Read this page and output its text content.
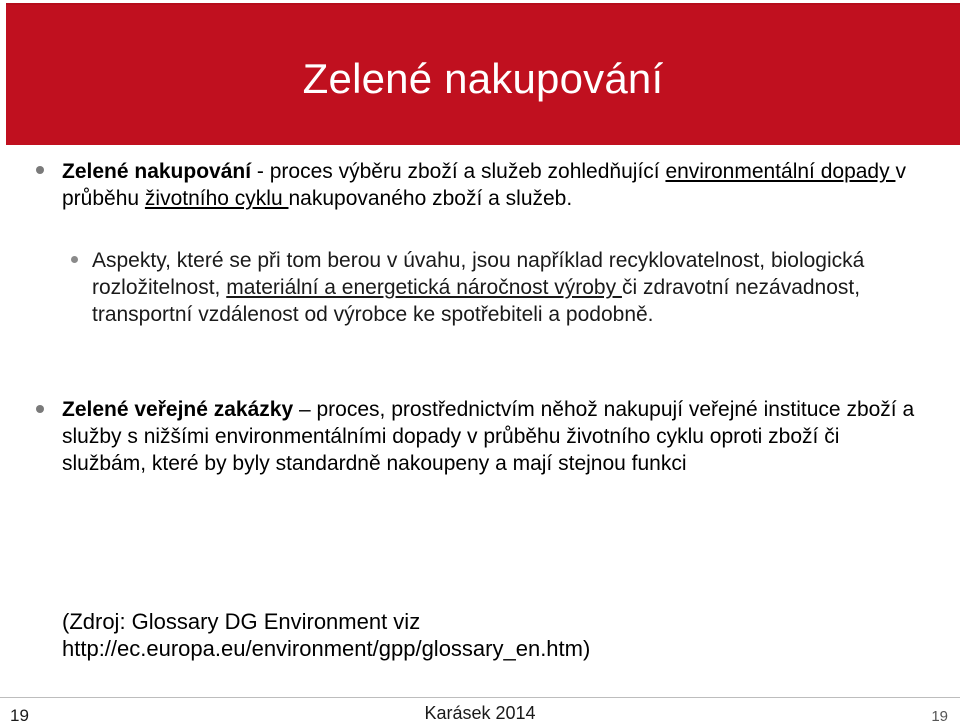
Zelené nakupování
Zelené nakupování - proces výběru zboží a služeb zohledňující environmentální dopady v průběhu životního cyklu nakupovaného zboží a služeb.
Aspekty, které se při tom berou v úvahu, jsou například recyklovatelnost, biologická rozložitelnost, materiální a energetická náročnost výroby či zdravotní nezávadnost, transportní vzdálenost od výrobce ke spotřebiteli a podobně.
Zelené veřejné zakázky – proces, prostřednictvím něhož nakupují veřejné instituce zboží a služby s nižšími environmentálními dopady v průběhu životního cyklu oproti zboží či službám, které by byly standardně nakoupeny a mají stejnou funkci
(Zdroj: Glossary DG Environment viz
http://ec.europa.eu/environment/gpp/glossary_en.htm)
19	Karásek 2014	19
